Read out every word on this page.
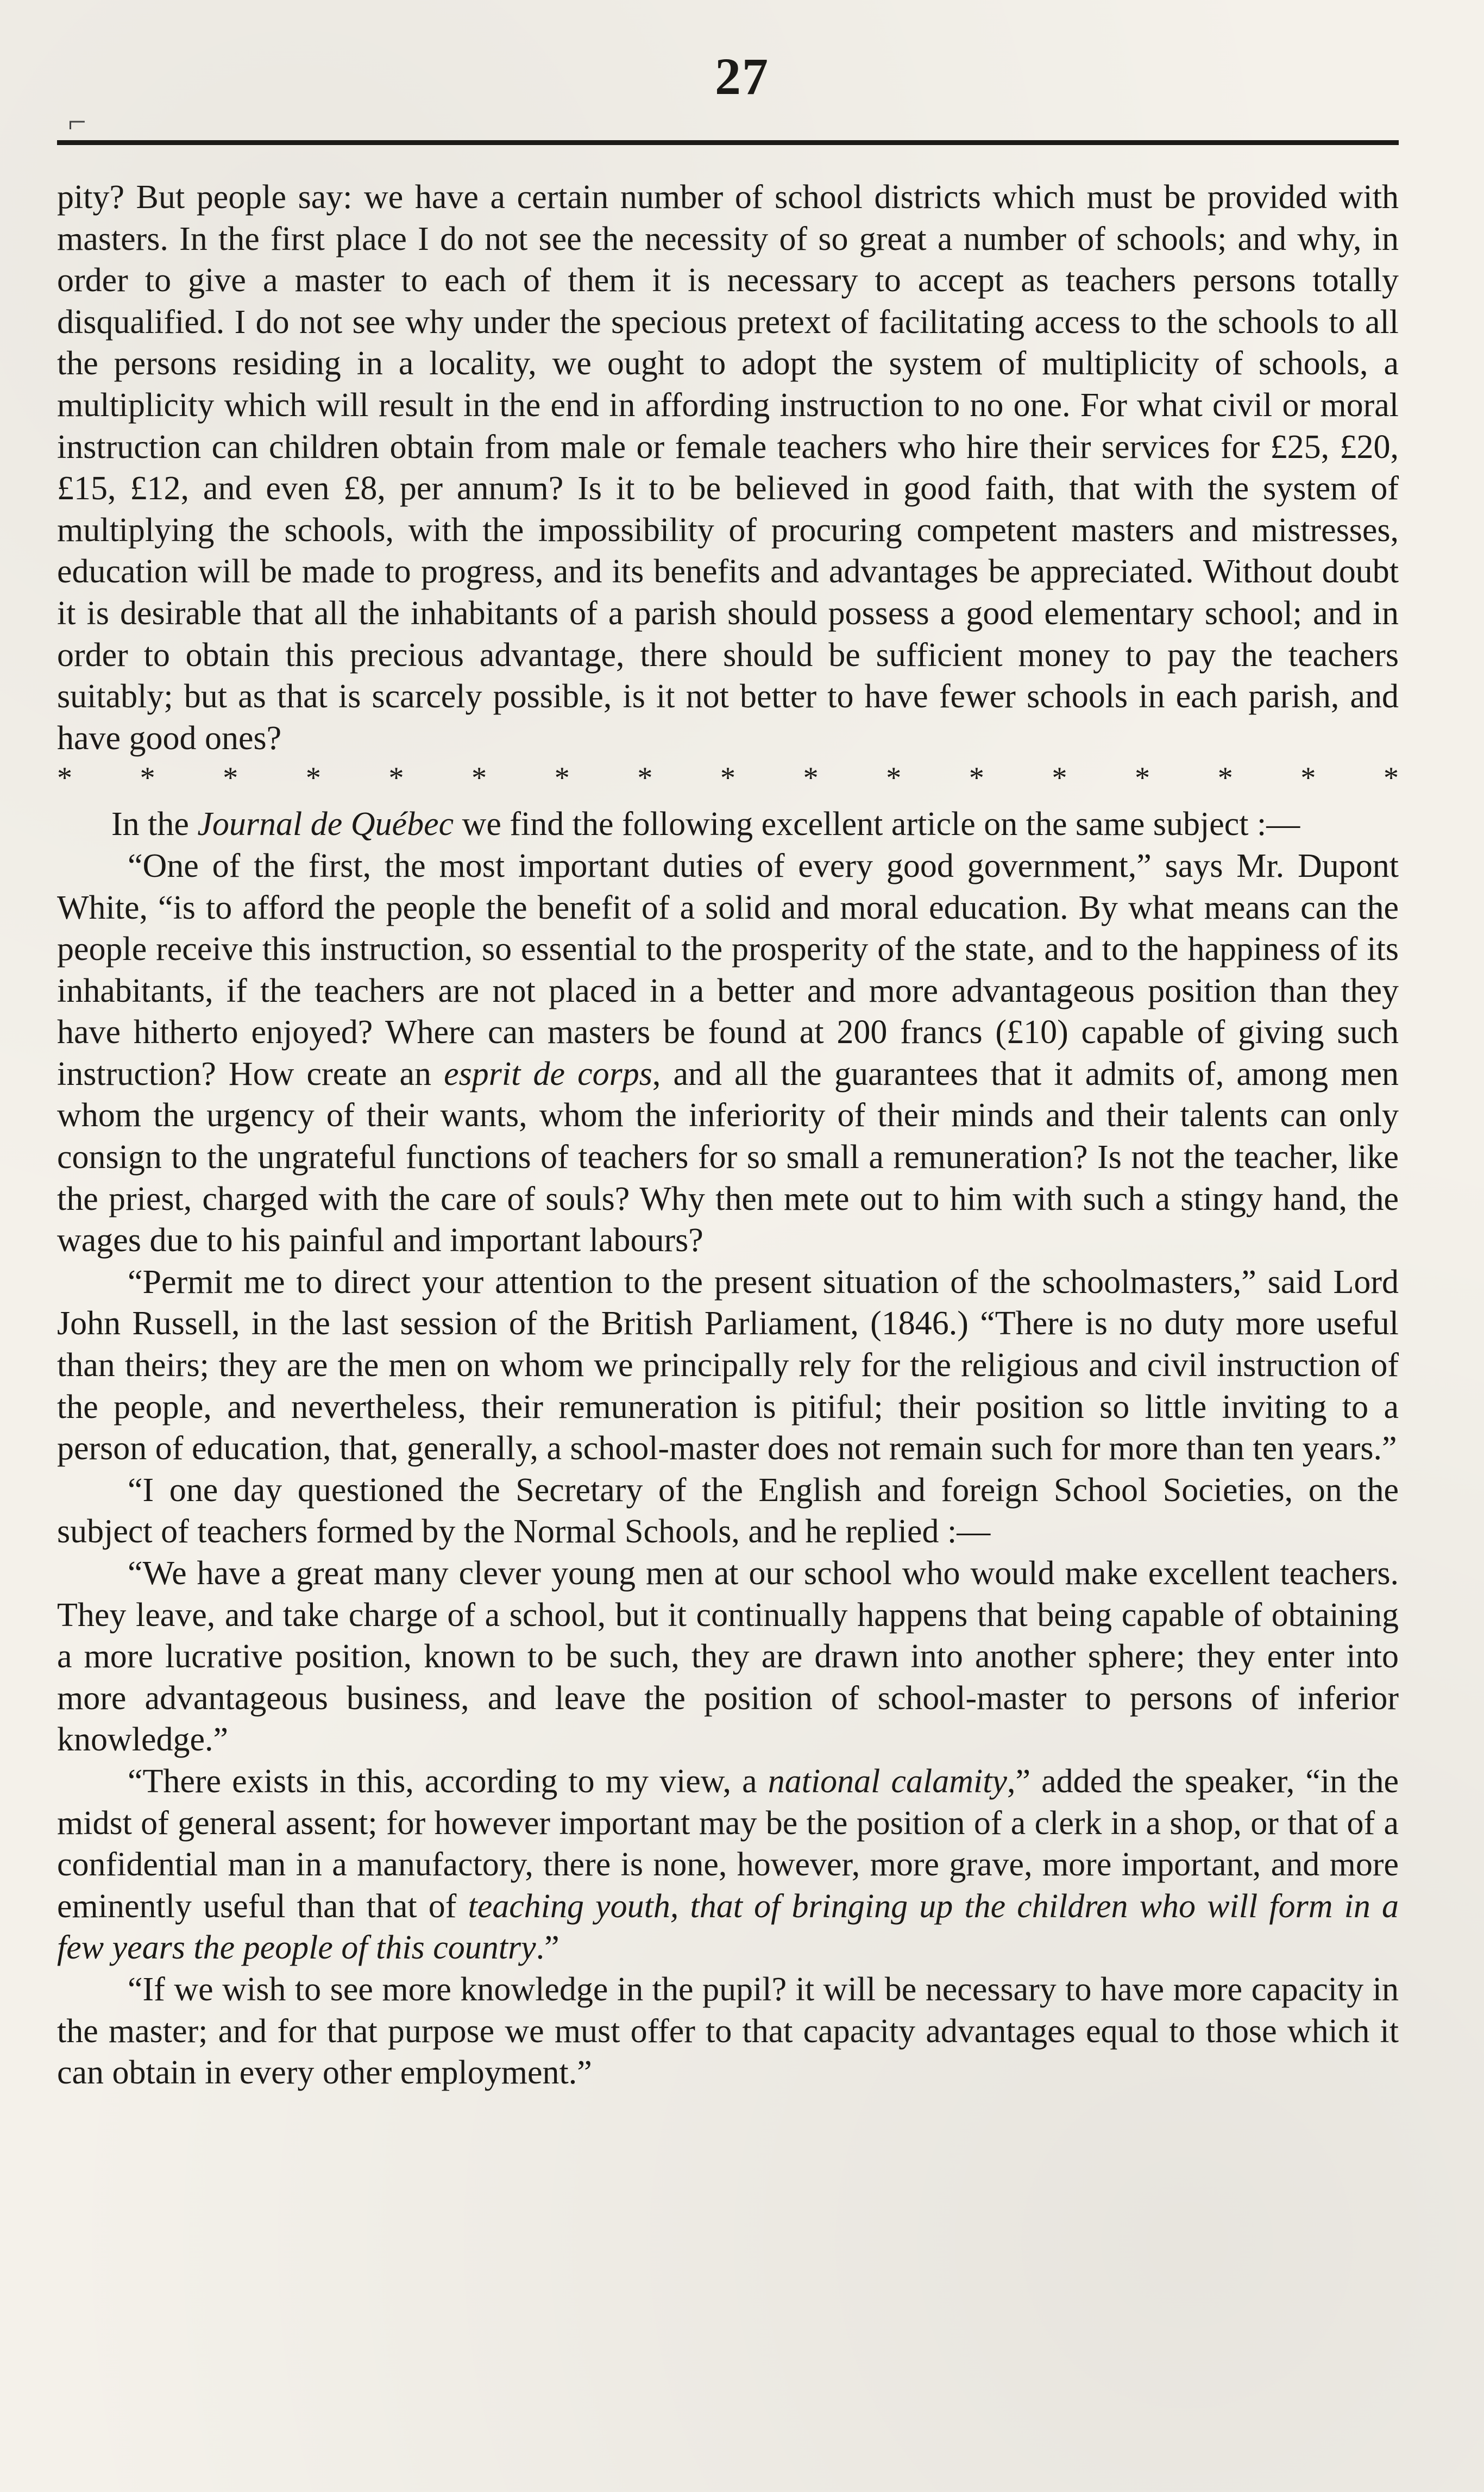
27
⌐

pity? But people say: we have a certain number of school districts which must be provided with masters. In the first place I do not see the necessity of so great a number of schools; and why, in order to give a master to each of them it is necessary to accept as teachers persons totally disqualified. I do not see why under the specious pretext of facilitating access to the schools to all the persons residing in a locality, we ought to adopt the system of multiplicity of schools, a multiplicity which will result in the end in affording instruction to no one. For what civil or moral instruction can children obtain from male or female teachers who hire their services for £25, £20, £15, £12, and even £8, per annum? Is it to be believed in good faith, that with the system of multiplying the schools, with the impossibility of procuring competent masters and mistresses, education will be made to progress, and its benefits and advantages be appreciated. Without doubt it is desirable that all the inhabitants of a parish should possess a good elementary school; and in order to obtain this precious advantage, there should be sufficient money to pay the teachers suitably; but as that is scarcely possible, is it not better to have fewer schools in each parish, and have good ones?

* * * * * * * * * * * * * * * * *

In the Journal de Québec we find the following excellent article on the same subject :—

“One of the first, the most important duties of every good government,” says Mr. Dupont White, “is to afford the people the benefit of a solid and moral education. By what means can the people receive this instruction, so essential to the prosperity of the state, and to the happiness of its inhabitants, if the teachers are not placed in a better and more advantageous position than they have hitherto enjoyed? Where can masters be found at 200 francs (£10) capable of giving such instruction? How create an esprit de corps, and all the guarantees that it admits of, among men whom the urgency of their wants, whom the inferiority of their minds and their talents can only consign to the ungrateful functions of teachers for so small a remuneration? Is not the teacher, like the priest, charged with the care of souls? Why then mete out to him with such a stingy hand, the wages due to his painful and important labours?

“Permit me to direct your attention to the present situation of the schoolmasters,” said Lord John Russell, in the last session of the British Parliament, (1846.) “There is no duty more useful than theirs; they are the men on whom we principally rely for the religious and civil instruction of the people, and nevertheless, their remuneration is pitiful; their position so little inviting to a person of education, that, generally, a school-master does not remain such for more than ten years.”

“I one day questioned the Secretary of the English and foreign School Societies, on the subject of teachers formed by the Normal Schools, and he replied :—

“We have a great many clever young men at our school who would make excellent teachers. They leave, and take charge of a school, but it continually happens that being capable of obtaining a more lucrative position, known to be such, they are drawn into another sphere; they enter into more advantageous business, and leave the position of school-master to persons of inferior knowledge.”

“There exists in this, according to my view, a national calamity,” added the speaker, “in the midst of general assent; for however important may be the position of a clerk in a shop, or that of a confidential man in a manufactory, there is none, however, more grave, more important, and more eminently useful than that of teaching youth, that of bringing up the children who will form in a few years the people of this country.”

“If we wish to see more knowledge in the pupil? it will be necessary to have more capacity in the master; and for that purpose we must offer to that capacity advantages equal to those which it can obtain in every other employment.”
